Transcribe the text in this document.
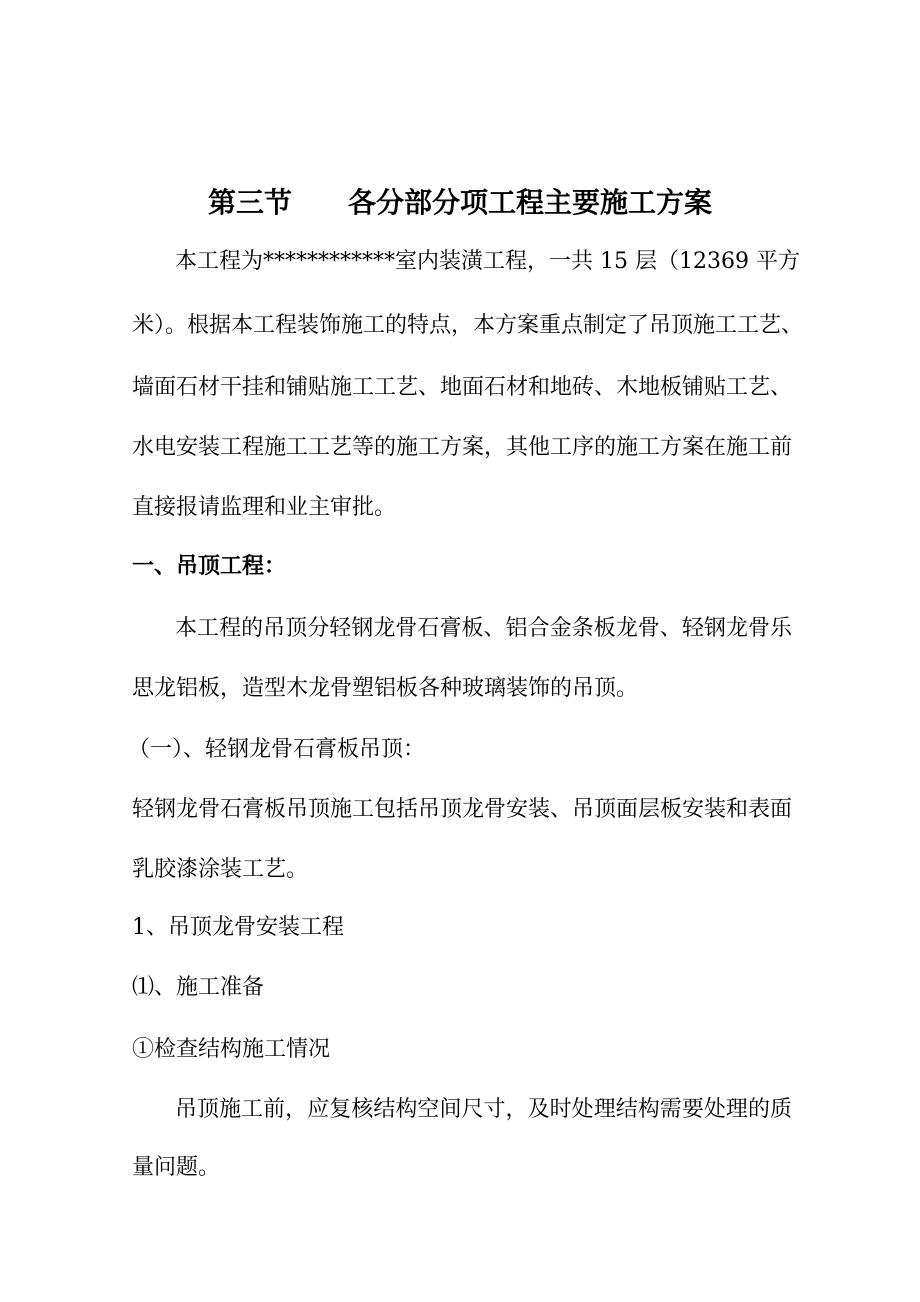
第三节 各分部分项工程主要施工方案
本工程为************室内装潢工程，一共 15 层（12369 平方
米）。根据本工程装饰施工的特点，本方案重点制定了吊顶施工工艺、
墙面石材干挂和铺贴施工工艺、地面石材和地砖、木地板铺贴工艺、
水电安装工程施工工艺等的施工方案，其他工序的施工方案在施工前
直接报请监理和业主审批。
一、吊顶工程：
本工程的吊顶分轻钢龙骨石膏板、铝合金条板龙骨、轻钢龙骨乐
思龙铝板，造型木龙骨塑铝板各种玻璃装饰的吊顶。
（一）、轻钢龙骨石膏板吊顶：
轻钢龙骨石膏板吊顶施工包括吊顶龙骨安装、吊顶面层板安装和表面
乳胶漆涂装工艺。
1、吊顶龙骨安装工程
⑴、施工准备
①检查结构施工情况
吊顶施工前，应复核结构空间尺寸，及时处理结构需要处理的质
量问题。
